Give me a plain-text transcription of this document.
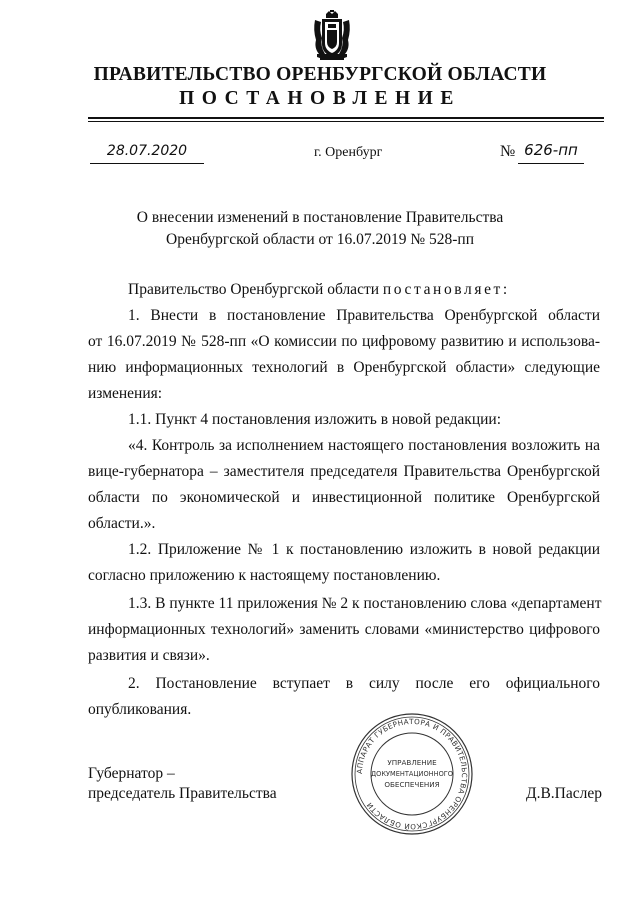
ПРАВИТЕЛЬСТВО ОРЕНБУРГСКОЙ ОБЛАСТИ
ПОСТАНОВЛЕНИЕ
28.07.2020	г. Оренбург	№ 626-пп
О внесении изменений в постановление Правительства
Оренбургской области от 16.07.2019 № 528-пп
Правительство Оренбургской области постановляет:
1. Внести в постановление Правительства Оренбургской области
от 16.07.2019 № 528-пп «О комиссии по цифровому развитию и использова-
нию информационных технологий в Оренбургской области» следующие
изменения:
1.1. Пункт 4 постановления изложить в новой редакции:
«4. Контроль за исполнением настоящего постановления возложить на
вице-губернатора – заместителя председателя Правительства Оренбургской
области по экономической и инвестиционной политике Оренбургской
области.».
1.2. Приложение № 1 к постановлению изложить в новой редакции
согласно приложению к настоящему постановлению.
1.3. В пункте 11 приложения № 2 к постановлению слова «департамент
информационных технологий» заменить словами «министерство цифрового
развития и связи».
2. Постановление вступает в силу после его официального
опубликования.
Губернатор –
председатель Правительства	Д.В.Паслер
АППАРАТ ГУБЕРНАТОРА И ПРАВИТЕЛЬСТВА ОРЕНБУРГСКОЙ ОБЛАСТИ
УПРАВЛЕНИЕ
ДОКУМЕНТАЦИОННОГО
ОБЕСПЕЧЕНИЯ
